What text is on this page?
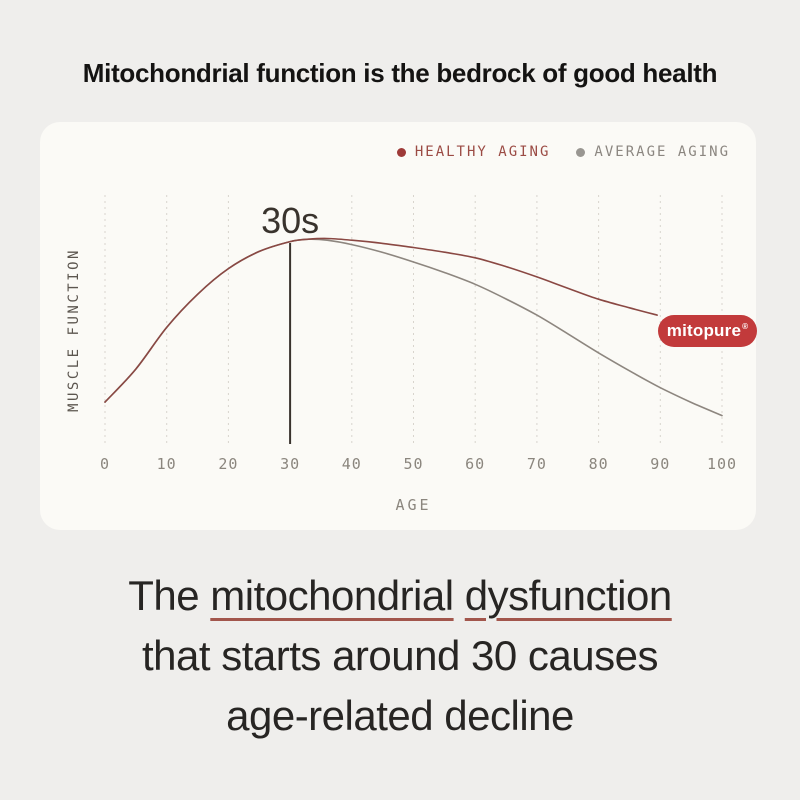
Mitochondrial function is the bedrock of good health
HEALTHY AGING	AVERAGE AGING
0	10	20	30	40	50	60	70	80	90 100
AGE
MUSCLE FUNCTION
30s
mitopure ®
The mitochondrial dysfunction
that starts around 30 causes
age-related decline
